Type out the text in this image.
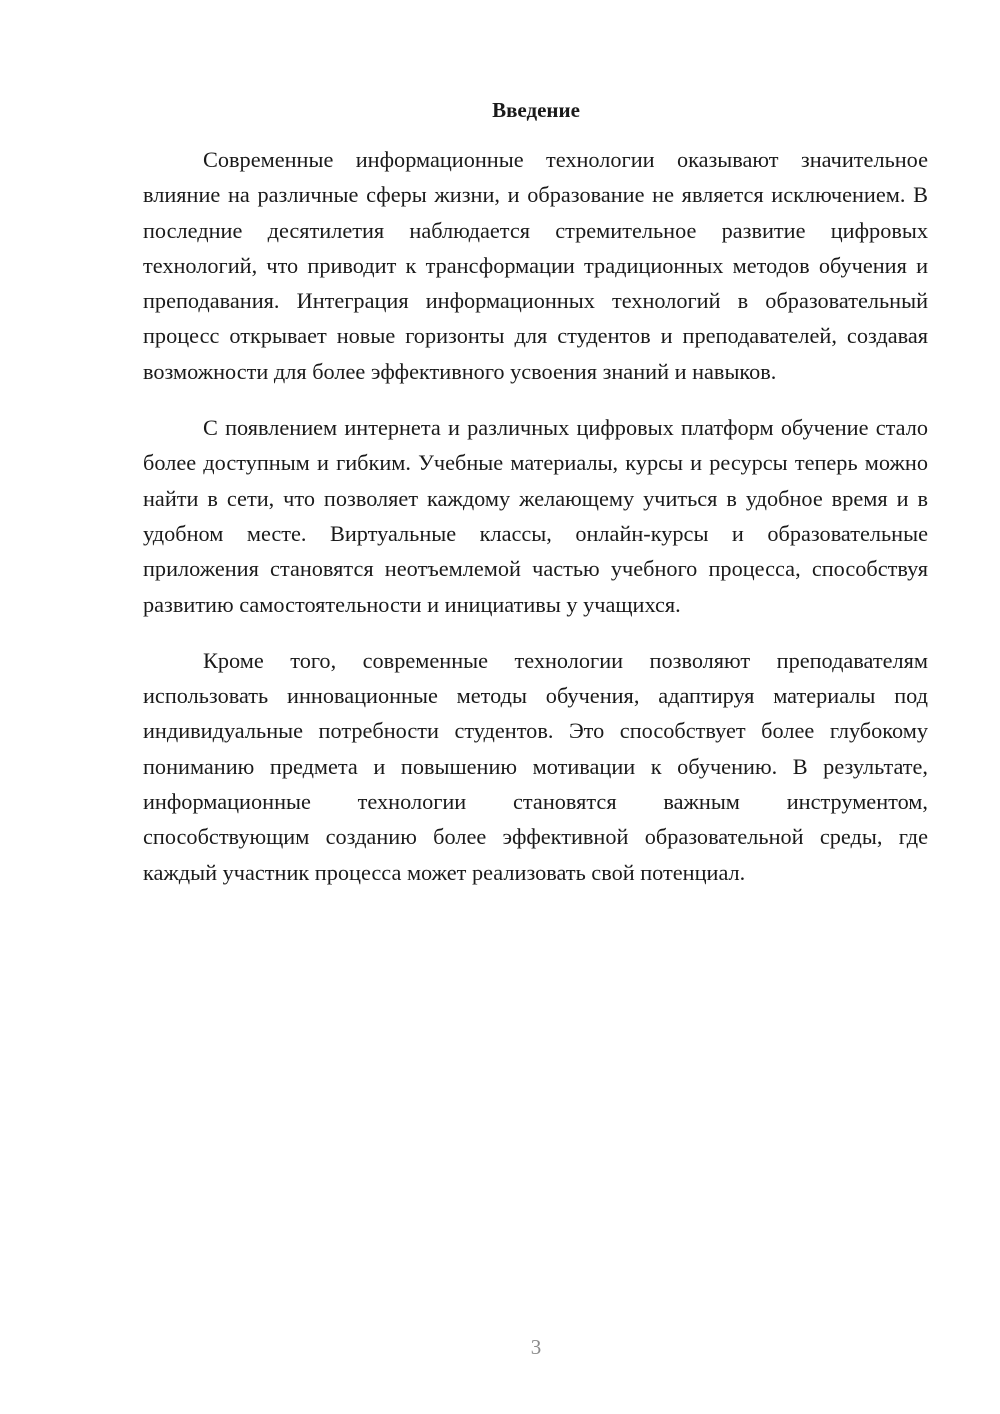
Введение

Современные информационные технологии оказывают значительное влияние на различные сферы жизни, и образование не является исключением. В последние десятилетия наблюдается стремительное развитие цифровых технологий, что приводит к трансформации традиционных методов обучения и преподавания. Интеграция информационных технологий в образовательный процесс открывает новые горизонты для студентов и преподавателей, создавая возможности для более эффективного усвоения знаний и навыков.

С появлением интернета и различных цифровых платформ обучение стало более доступным и гибким. Учебные материалы, курсы и ресурсы теперь можно найти в сети, что позволяет каждому желающему учиться в удобное время и в удобном месте. Виртуальные классы, онлайн-курсы и образовательные приложения становятся неотъемлемой частью учебного процесса, способствуя развитию самостоятельности и инициативы у учащихся.

Кроме того, современные технологии позволяют преподавателям использовать инновационные методы обучения, адаптируя материалы под индивидуальные потребности студентов. Это способствует более глубокому пониманию предмета и повышению мотивации к обучению. В результате, информационные технологии становятся важным инструментом, способствующим созданию более эффективной образовательной среды, где каждый участник процесса может реализовать свой потенциал.

3
